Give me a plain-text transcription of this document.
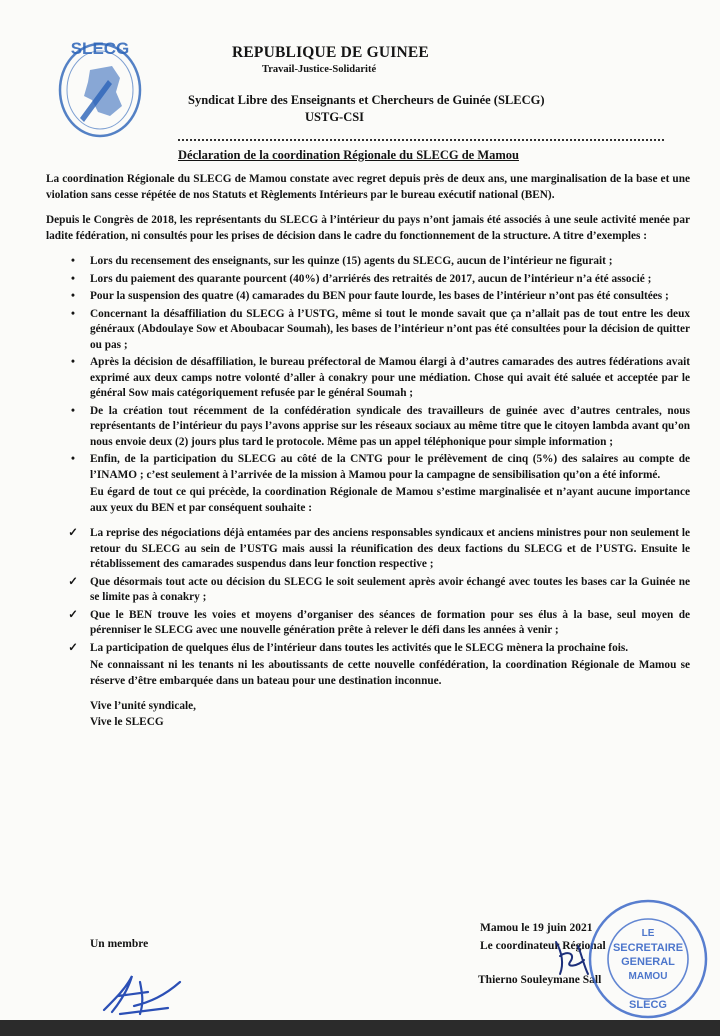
SLECG	REPUBLIQUE DE GUINEE
Travail-Justice-Solidarité
Syndicat Libre des Enseignants et Chercheurs de Guinée (SLECG)
USTG-CSI
Déclaration de la coordination Régionale du SLECG de Mamou

La coordination Régionale du SLECG de Mamou constate avec regret depuis près de deux ans, une marginalisation de la base et une violation sans cesse répétée de nos Statuts et Règlements Intérieurs par le bureau exécutif national (BEN).

Depuis le Congrès de 2018, les représentants du SLECG à l’intérieur du pays n’ont jamais été associés à une seule activité menée par ladite fédération, ni consultés pour les prises de décision dans le cadre du fonctionnement de la structure. A titre d’exemples :

•	Lors du recensement des enseignants, sur les quinze (15) agents du SLECG, aucun de l’intérieur ne figurait ;
•	Lors du paiement des quarante pourcent (40%) d’arriérés des retraités de 2017, aucun de l’intérieur n’a été associé ;
•	Pour la suspension des quatre (4) camarades du BEN pour faute lourde, les bases de l’intérieur n’ont pas été consultées ;
•	Concernant la désaffiliation du SLECG à l’USTG, même si tout le monde savait que ça n’allait pas de tout entre les deux généraux (Abdoulaye Sow et Aboubacar Soumah), les bases de l’intérieur n’ont pas été consultées pour la décision de quitter ou pas ;
•	Après la décision de désaffiliation, le bureau préfectoral de Mamou élargi à d’autres camarades des autres fédérations avait exprimé aux deux camps notre volonté d’aller à conakry pour une médiation. Chose qui avait été saluée et acceptée par le général Sow mais catégoriquement refusée par le général Soumah ;
•	De la création tout récemment de la confédération syndicale des travailleurs de guinée avec d’autres centrales, nous représentants de l’intérieur du pays l’avons apprise sur les réseaux sociaux au même titre que le citoyen lambda avant qu’on nous envoie deux (2) jours plus tard le protocole. Même pas un appel téléphonique pour simple information ;
•	Enfin, de la participation du SLECG au côté de la CNTG pour le prélèvement de cinq (5%) des salaires au compte de l’INAMO ; c’est seulement à l’arrivée de la mission à Mamou pour la campagne de sensibilisation qu’on a été informé.

Eu égard de tout ce qui précède, la coordination Régionale de Mamou s’estime marginalisée et n’ayant aucune importance aux yeux du BEN et par conséquent souhaite :

✓ La reprise des négociations déjà entamées par des anciens responsables syndicaux et anciens ministres pour non seulement le retour du SLECG au sein de l’USTG mais aussi la réunification des deux factions du SLECG et de l’USTG. Ensuite le rétablissement des camarades suspendus dans leur fonction respective ;
✓ Que désormais tout acte ou décision du SLECG le soit seulement après avoir échangé avec toutes les bases car la Guinée ne se limite pas à conakry ;
✓ Que le BEN trouve les voies et moyens d’organiser des séances de formation pour ses élus à la base, seul moyen de pérenniser le SLECG avec une nouvelle génération prête à relever le défi dans les années à venir ;
✓ La participation de quelques élus de l’intérieur dans toutes les activités que le SLECG mènera la prochaine fois.

Ne connaissant ni les tenants ni les aboutissants de cette nouvelle confédération, la coordination Régionale de Mamou se réserve d’être embarquée dans un bateau pour une destination inconnue.

Vive l’unité syndicale,
Vive le SLECG
Un membre
Mamou le 19 juin 2021
Le coordinateur Régional
Thierno Souleymane Sall
LE
SECRETAIRE
GENERAL
MAMOU
SLECG
